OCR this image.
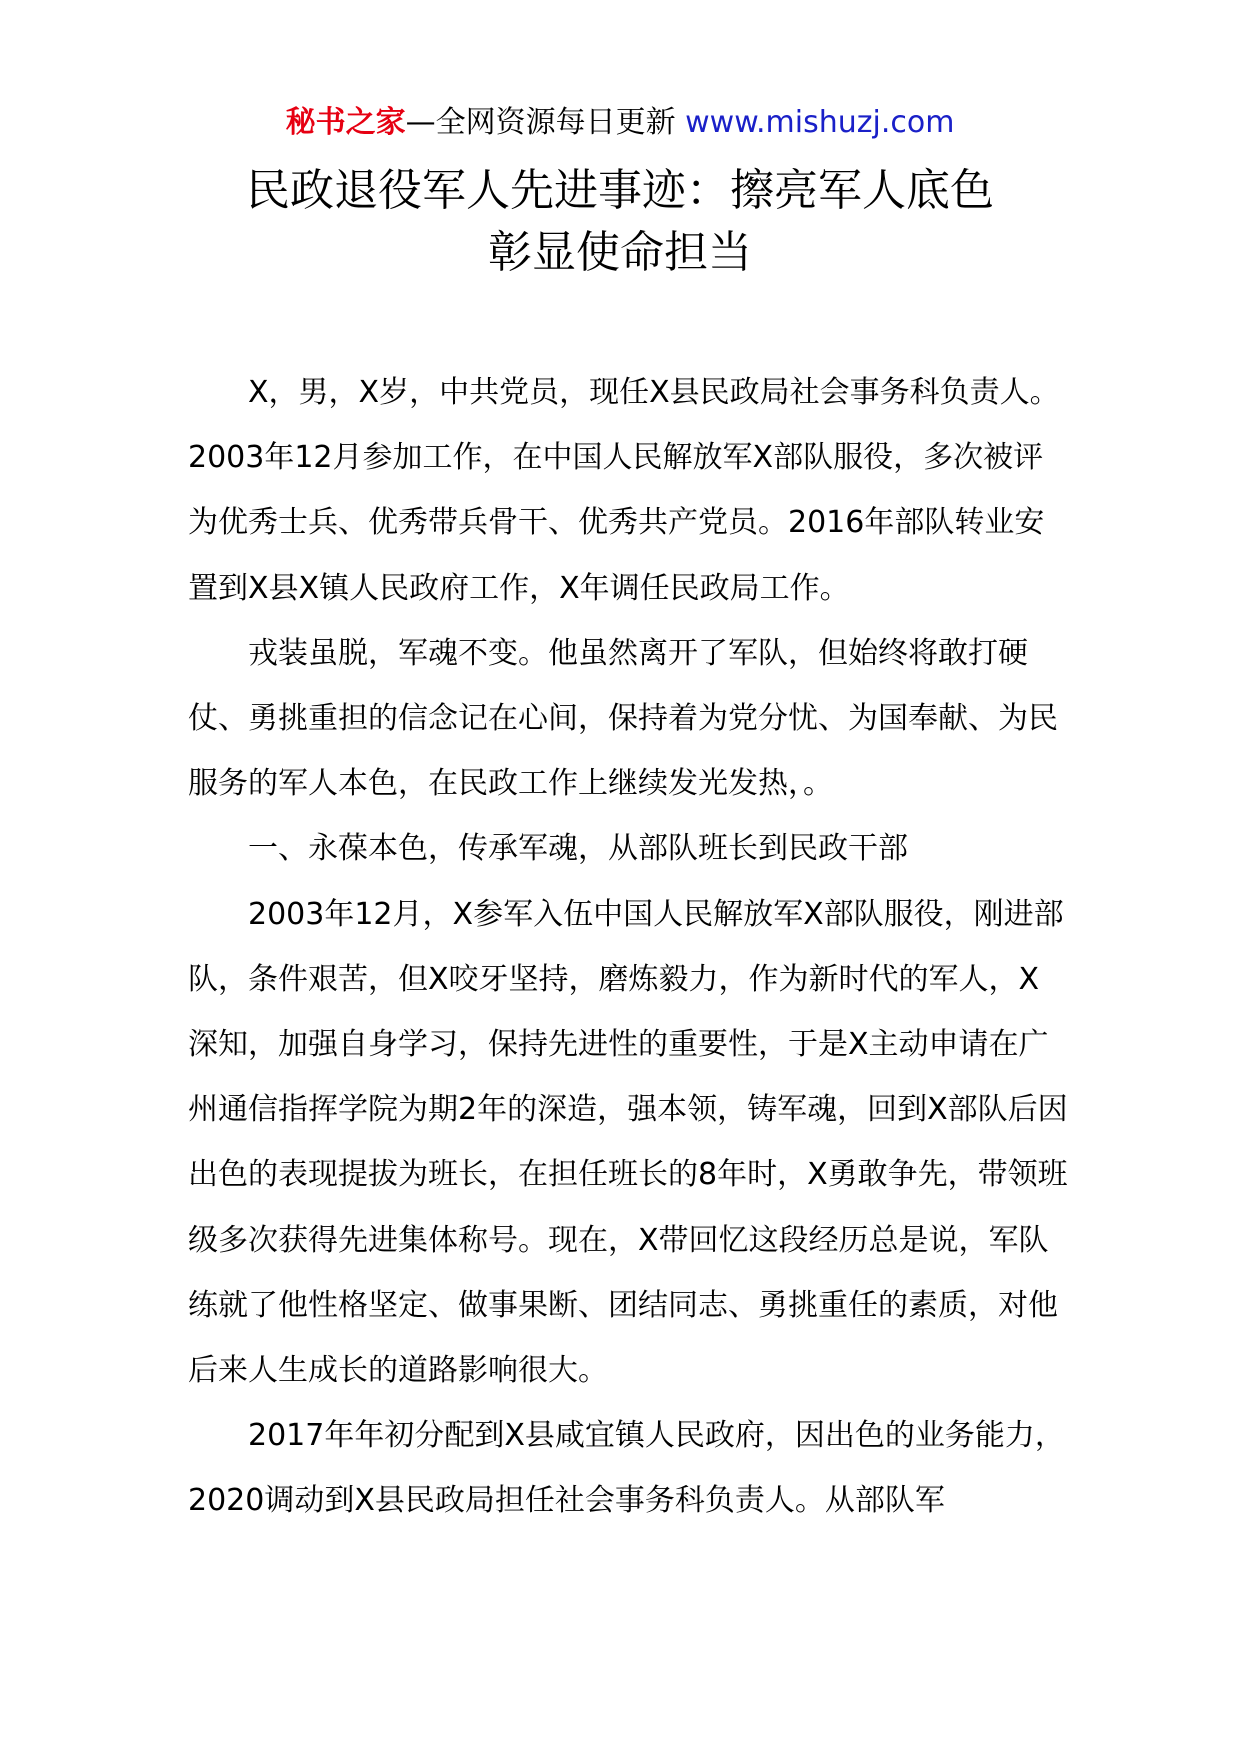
秘书之家—全网资源每日更新 www.mishuzj.com
民政退役军人先进事迹：擦亮军人底色
彰显使命担当

X，男，X岁，中共党员，现任X县民政局社会事务科负责人。2003年12月参加工作，在中国人民解放军X部队服役，多次被评为优秀士兵、优秀带兵骨干、优秀共产党员。2016年部队转业安置到X县X镇人民政府工作，X年调任民政局工作。

戎装虽脱，军魂不变。他虽然离开了军队，但始终将敢打硬仗、勇挑重担的信念记在心间，保持着为党分忧、为国奉献、为民服务的军人本色，在民政工作上继续发光发热，。

一、永葆本色，传承军魂，从部队班长到民政干部

2003年12月，X参军入伍中国人民解放军X部队服役，刚进部队，条件艰苦，但X咬牙坚持，磨炼毅力，作为新时代的军人，X深知，加强自身学习，保持先进性的重要性，于是X主动申请在广州通信指挥学院为期2年的深造，强本领，铸军魂，回到X部队后因出色的表现提拔为班长，在担任班长的8年时，X勇敢争先，带领班级多次获得先进集体称号。现在，X带回忆这段经历总是说，军队练就了他性格坚定、做事果断、团结同志、勇挑重任的素质，对他后来人生成长的道路影响很大。

2017年年初分配到X县咸宜镇人民政府，因出色的业务能力，2020调动到X县民政局担任社会事务科负责人。从部队军
